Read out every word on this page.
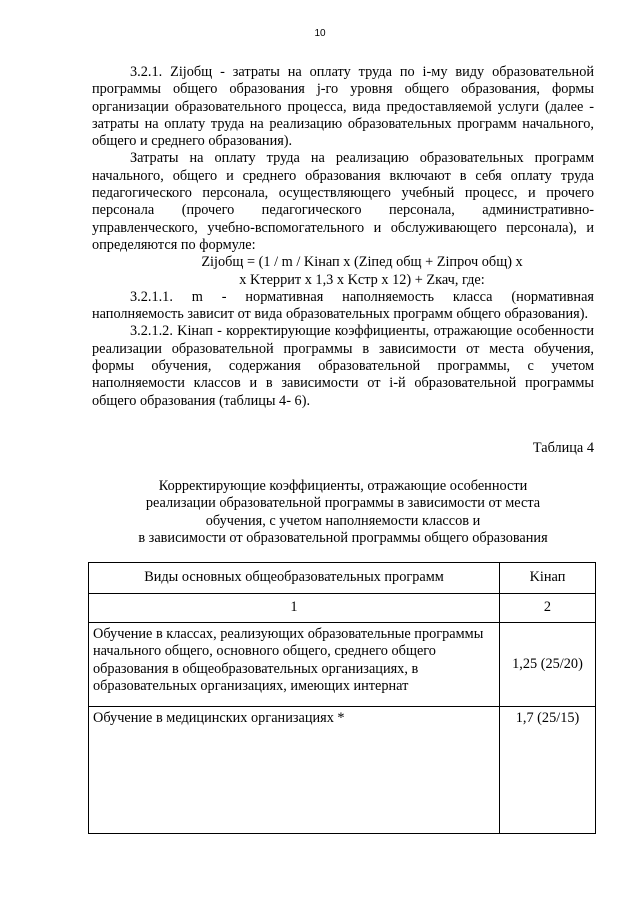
10

3.2.1. Zijобщ - затраты на оплату труда по i-му виду образовательной программы общего образования j-го уровня общего образования, формы организации образовательного процесса, вида предоставляемой услуги (далее - затраты на оплату труда на реализацию образовательных программ начального, общего и среднего образования).

Затраты на оплату труда на реализацию образовательных программ начального, общего и среднего образования включают в себя оплату труда педагогического персонала, осуществляющего учебный процесс, и прочего персонала (прочего педагогического персонала, административно-управленческого, учебно-вспомогательного и обслуживающего персонала), и определяются по формуле:

Zijобщ = (1 / m / Kiнап x (Ziпед общ + Ziпроч общ) x
x Kтеррит x 1,3 x Kстр x 12) + Zкач, где:

3.2.1.1. m - нормативная наполняемость класса (нормативная наполняемость зависит от вида образовательных программ общего образования).

3.2.1.2. Kiнап - корректирующие коэффициенты, отражающие особенности реализации образовательной программы в зависимости от места обучения, формы обучения, содержания образовательной программы, с учетом наполняемости классов и в зависимости от i-й образовательной программы общего образования (таблицы 4- 6).

Таблица 4
Корректирующие коэффициенты, отражающие особенности
реализации образовательной программы в зависимости от места
обучения, с учетом наполняемости классов и
в зависимости от образовательной программы общего образования
Виды основных общеобразовательных программ	Kiнап
1	2
Обучение в классах, реализующих образовательные программы начального общего, основного общего, среднего общего образования в общеобразовательных организациях, в образовательных организациях, имеющих интернат	1,25 (25/20)
Обучение в медицинских организациях *	1,7 (25/15)
